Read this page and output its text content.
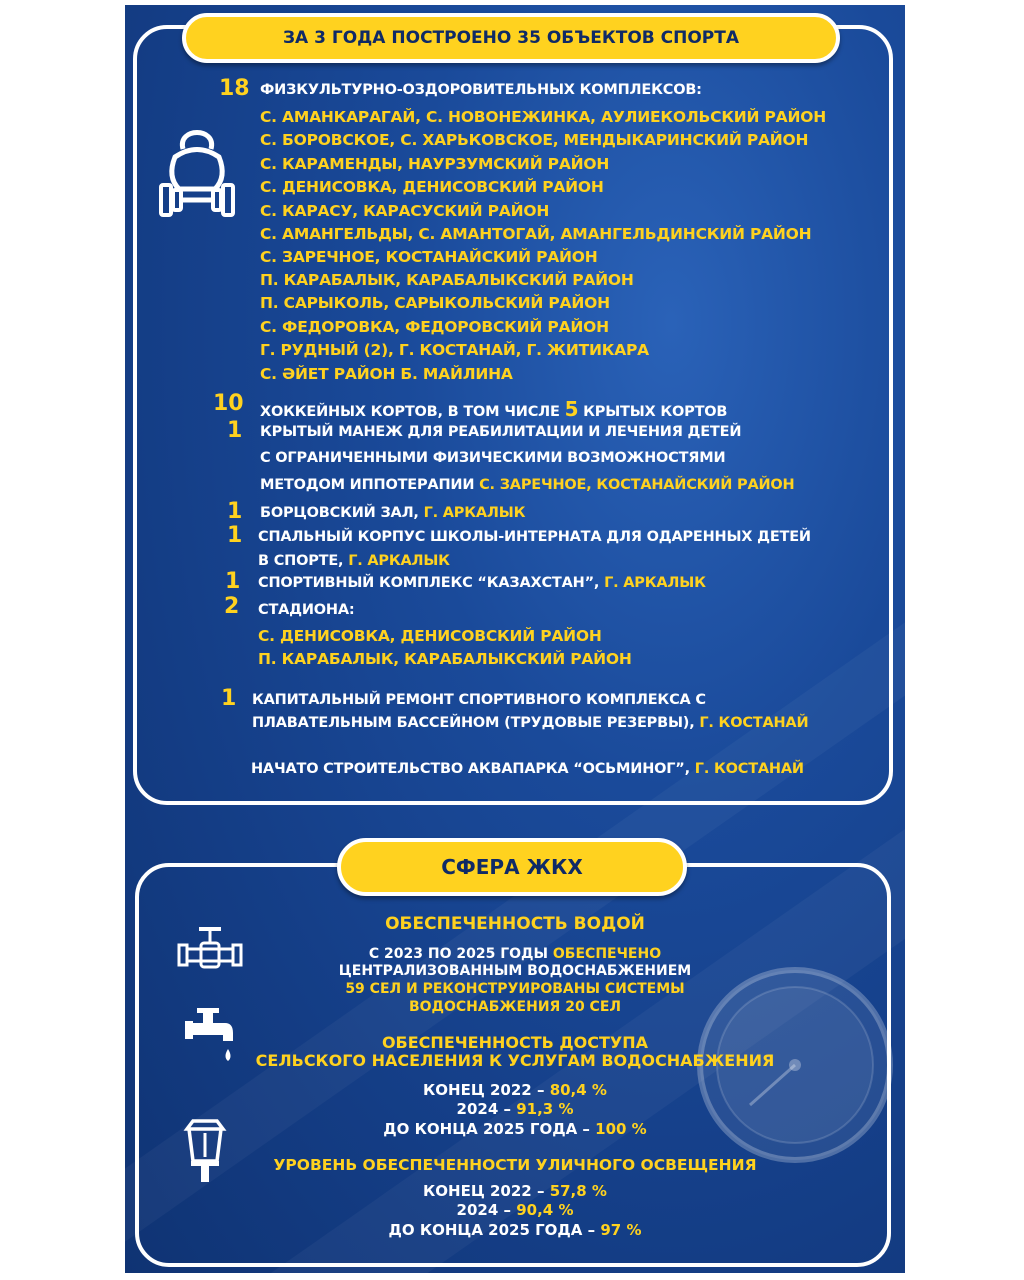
ЗА 3 ГОДА ПОСТРОЕНО 35 ОБЪЕКТОВ СПОРТА
18 ФИЗКУЛЬТУРНО-ОЗДОРОВИТЕЛЬНЫХ КОМПЛЕКСОВ:
С. АМАНКАРАГАЙ, С. НОВОНЕЖИНКА, АУЛИЕКОЛЬСКИЙ РАЙОН
С. БОРОВСКОЕ, С. ХАРЬКОВСКОЕ, МЕНДЫКАРИНСКИЙ РАЙОН
С. КАРАМЕНДЫ, НАУРЗУМСКИЙ РАЙОН
С. ДЕНИСОВКА, ДЕНИСОВСКИЙ РАЙОН
С. КАРАСУ, КАРАСУСКИЙ РАЙОН
С. АМАНГЕЛЬДЫ, С. АМАНТОГАЙ, АМАНГЕЛЬДИНСКИЙ РАЙОН
С. ЗАРЕЧНОЕ, КОСТАНАЙСКИЙ РАЙОН
П. КАРАБАЛЫК, КАРАБАЛЫКСКИЙ РАЙОН
П. САРЫКОЛЬ, САРЫКОЛЬСКИЙ РАЙОН
С. ФЕДОРОВКА, ФЕДОРОВСКИЙ РАЙОН
Г. РУДНЫЙ (2), Г. КОСТАНАЙ, Г. ЖИТИКАРА
С. ӘЙЕТ РАЙОН Б. МАЙЛИНА
10 ХОККЕЙНЫХ КОРТОВ, В ТОМ ЧИСЛЕ 5 КРЫТЫХ КОРТОВ
1 КРЫТЫЙ МАНЕЖ ДЛЯ РЕАБИЛИТАЦИИ И ЛЕЧЕНИЯ ДЕТЕЙ
С ОГРАНИЧЕННЫМИ ФИЗИЧЕСКИМИ ВОЗМОЖНОСТЯМИ
МЕТОДОМ ИППОТЕРАПИИ С. ЗАРЕЧНОЕ, КОСТАНАЙСКИЙ РАЙОН
1 БОРЦОВСКИЙ ЗАЛ, Г. АРКАЛЫК
1 СПАЛЬНЫЙ КОРПУС ШКОЛЫ-ИНТЕРНАТА ДЛЯ ОДАРЕННЫХ ДЕТЕЙ
В СПОРТЕ, Г. АРКАЛЫК
1 СПОРТИВНЫЙ КОМПЛЕКС “КАЗАХСТАН”, Г. АРКАЛЫК
2 СТАДИОНА:
С. ДЕНИСОВКА, ДЕНИСОВСКИЙ РАЙОН
П. КАРАБАЛЫК, КАРАБАЛЫКСКИЙ РАЙОН
1 КАПИТАЛЬНЫЙ РЕМОНТ СПОРТИВНОГО КОМПЛЕКСА С
ПЛАВАТЕЛЬНЫМ БАССЕЙНОМ (ТРУДОВЫЕ РЕЗЕРВЫ), Г. КОСТАНАЙ
НАЧАТО СТРОИТЕЛЬСТВО АКВАПАРКА “ОСЬМИНОГ”, Г. КОСТАНАЙ
СФЕРА ЖКХ
ОБЕСПЕЧЕННОСТЬ ВОДОЙ
С 2023 ПО 2025 ГОДЫ ОБЕСПЕЧЕНО
ЦЕНТРАЛИЗОВАННЫМ ВОДОСНАБЖЕНИЕМ
59 СЕЛ И РЕКОНСТРУИРОВАНЫ СИСТЕМЫ
ВОДОСНАБЖЕНИЯ 20 СЕЛ
ОБЕСПЕЧЕННОСТЬ ДОСТУПА
СЕЛЬСКОГО НАСЕЛЕНИЯ К УСЛУГАМ ВОДОСНАБЖЕНИЯ
КОНЕЦ 2022 – 80,4 %
2024 – 91,3 %
ДО КОНЦА 2025 ГОДА – 100 %
УРОВЕНЬ ОБЕСПЕЧЕННОСТИ УЛИЧНОГО ОСВЕЩЕНИЯ
КОНЕЦ 2022 – 57,8 %
2024 – 90,4 %
ДО КОНЦА 2025 ГОДА – 97 %
